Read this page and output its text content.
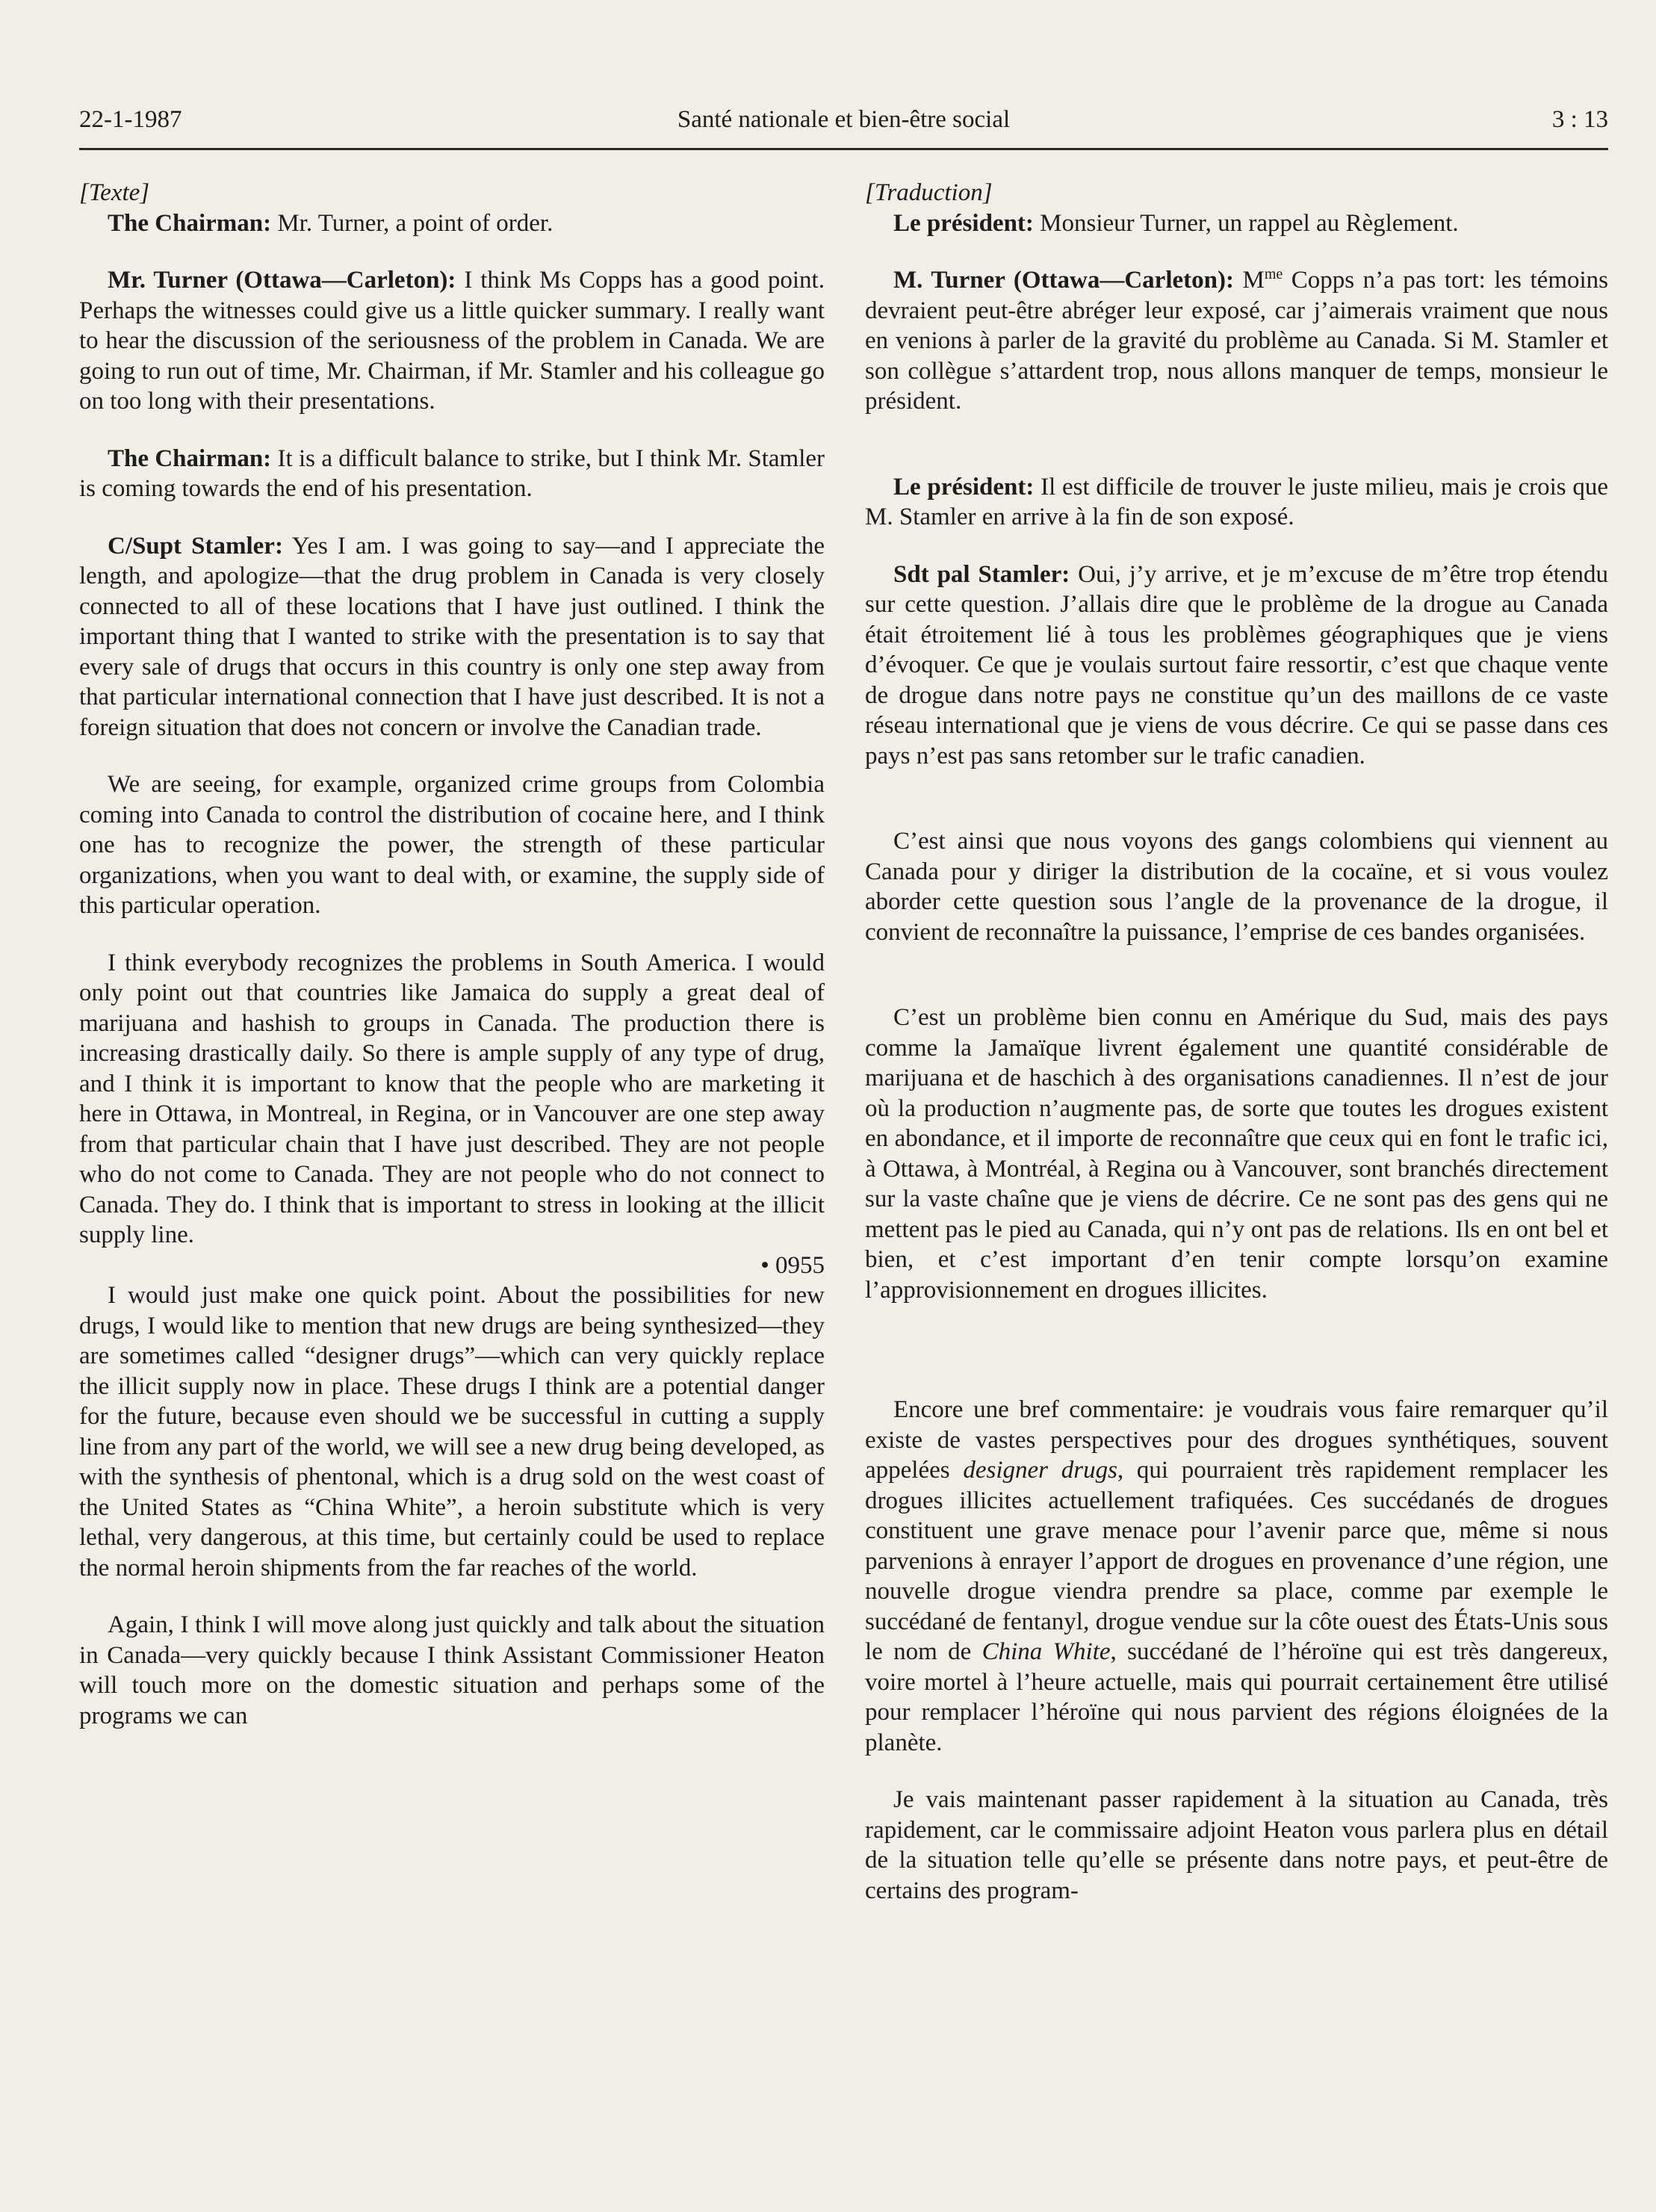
22-1-1987	Santé nationale et bien-être social	3 : 13

[Texte]

The Chairman: Mr. Turner, a point of order.

Mr. Turner (Ottawa—Carleton): I think Ms Copps has a good point. Perhaps the witnesses could give us a little quicker summary. I really want to hear the discussion of the seriousness of the problem in Canada. We are going to run out of time, Mr. Chairman, if Mr. Stamler and his colleague go on too long with their presentations.

The Chairman: It is a difficult balance to strike, but I think Mr. Stamler is coming towards the end of his presentation.

C/Supt Stamler: Yes I am. I was going to say—and I appreciate the length, and apologize—that the drug problem in Canada is very closely connected to all of these locations that I have just outlined. I think the important thing that I wanted to strike with the presentation is to say that every sale of drugs that occurs in this country is only one step away from that particular international connection that I have just described. It is not a foreign situation that does not concern or involve the Canadian trade.

We are seeing, for example, organized crime groups from Colombia coming into Canada to control the distribution of cocaine here, and I think one has to recognize the power, the strength of these particular organizations, when you want to deal with, or examine, the supply side of this particular operation.

I think everybody recognizes the problems in South America. I would only point out that countries like Jamaica do supply a great deal of marijuana and hashish to groups in Canada. The production there is increasing drastically daily. So there is ample supply of any type of drug, and I think it is important to know that the people who are marketing it here in Ottawa, in Montreal, in Regina, or in Vancouver are one step away from that particular chain that I have just described. They are not people who do not come to Canada. They are not people who do not connect to Canada. They do. I think that is important to stress in looking at the illicit supply line.

• 0955

I would just make one quick point. About the possibilities for new drugs, I would like to mention that new drugs are being synthesized—they are sometimes called “designer drugs”—which can very quickly replace the illicit supply now in place. These drugs I think are a potential danger for the future, because even should we be successful in cutting a supply line from any part of the world, we will see a new drug being developed, as with the synthesis of phentonal, which is a drug sold on the west coast of the United States as “China White”, a heroin substitute which is very lethal, very dangerous, at this time, but certainly could be used to replace the normal heroin shipments from the far reaches of the world.

Again, I think I will move along just quickly and talk about the situation in Canada—very quickly because I think Assistant Commissioner Heaton will touch more on the domestic situation and perhaps some of the programs we can

[Traduction]

Le président: Monsieur Turner, un rappel au Règlement.

M. Turner (Ottawa—Carleton): $M^{me}$ Copps n’a pas tort: les témoins devraient peut-être abréger leur exposé, car j’aimerais vraiment que nous en venions à parler de la gravité du problème au Canada. Si M. Stamler et son collègue s’attardent trop, nous allons manquer de temps, monsieur le président.

Le président: Il est difficile de trouver le juste milieu, mais je crois que M. Stamler en arrive à la fin de son exposé.

Sdt pal Stamler: Oui, j’y arrive, et je m’excuse de m’être trop étendu sur cette question. J’allais dire que le problème de la drogue au Canada était étroitement lié à tous les problèmes géographiques que je viens d’évoquer. Ce que je voulais surtout faire ressortir, c’est que chaque vente de drogue dans notre pays ne constitue qu’un des maillons de ce vaste réseau international que je viens de vous décrire. Ce qui se passe dans ces pays n’est pas sans retomber sur le trafic canadien.

C’est ainsi que nous voyons des gangs colombiens qui viennent au Canada pour y diriger la distribution de la cocaïne, et si vous voulez aborder cette question sous l’angle de la provenance de la drogue, il convient de reconnaître la puissance, l’emprise de ces bandes organisées.

C’est un problème bien connu en Amérique du Sud, mais des pays comme la Jamaïque livrent également une quantité considérable de marijuana et de haschich à des organisations canadiennes. Il n’est de jour où la production n’augmente pas, de sorte que toutes les drogues existent en abondance, et il importe de reconnaître que ceux qui en font le trafic ici, à Ottawa, à Montréal, à Regina ou à Vancouver, sont branchés directement sur la vaste chaîne que je viens de décrire. Ce ne sont pas des gens qui ne mettent pas le pied au Canada, qui n’y ont pas de relations. Ils en ont bel et bien, et c’est important d’en tenir compte lorsqu’on examine l’approvisionnement en drogues illicites.

Encore une bref commentaire: je voudrais vous faire remarquer qu’il existe de vastes perspectives pour des drogues synthétiques, souvent appelées designer drugs, qui pourraient très rapidement remplacer les drogues illicites actuellement trafiquées. Ces succédanés de drogues constituent une grave menace pour l’avenir parce que, même si nous parvenions à enrayer l’apport de drogues en provenance d’une région, une nouvelle drogue viendra prendre sa place, comme par exemple le succédané de fentanyl, drogue vendue sur la côte ouest des États-Unis sous le nom de China White, succédané de l’héroïne qui est très dangereux, voire mortel à l’heure actuelle, mais qui pourrait certainement être utilisé pour remplacer l’héroïne qui nous parvient des régions éloignées de la planète.

Je vais maintenant passer rapidement à la situation au Canada, très rapidement, car le commissaire adjoint Heaton vous parlera plus en détail de la situation telle qu’elle se présente dans notre pays, et peut-être de certains des program-
